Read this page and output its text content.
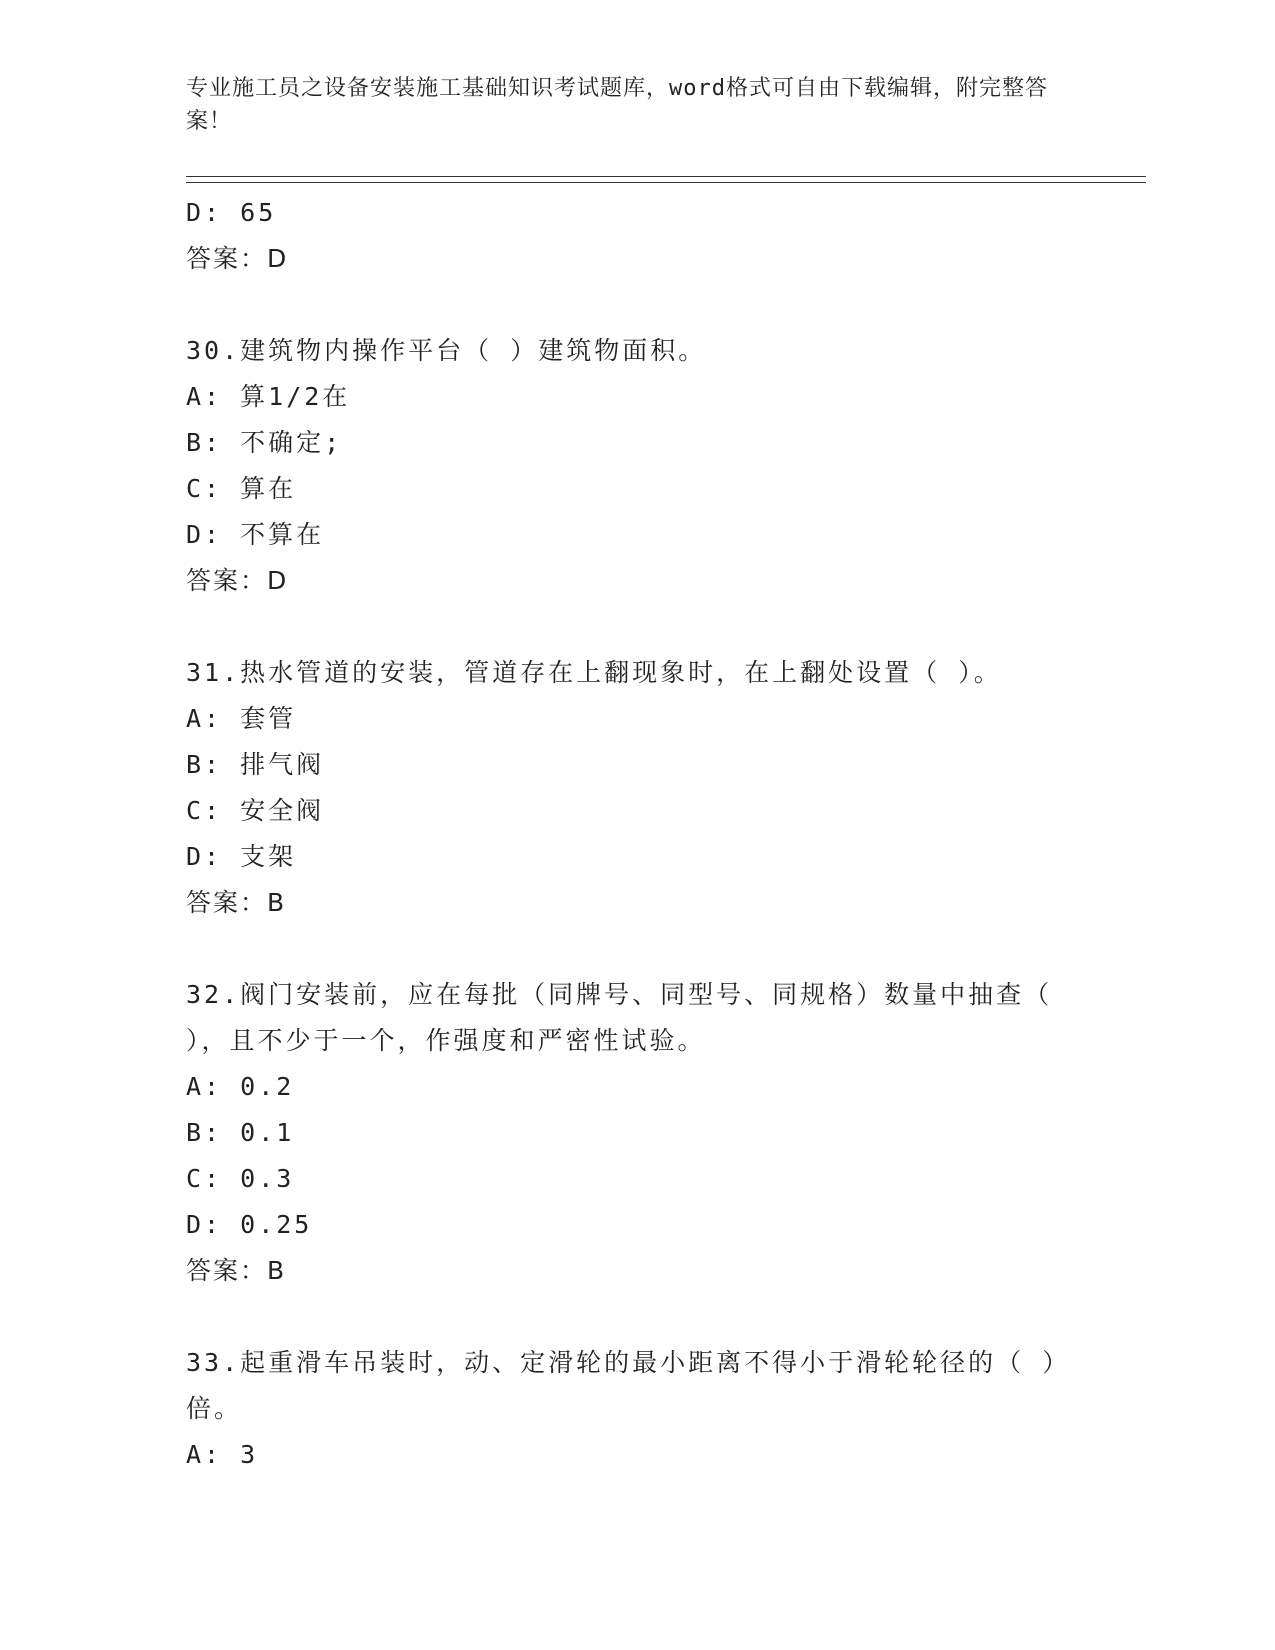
专业施工员之设备安装施工基础知识考试题库，word格式可自由下载编辑，附完整答案！
D: 65
答案：D
30.建筑物内操作平台（ ）建筑物面积。
A: 算1/2在
B: 不确定;
C: 算在
D: 不算在
答案：D
31.热水管道的安装，管道存在上翻现象时，在上翻处设置（ ）。
A: 套管
B: 排气阀
C: 安全阀
D: 支架
答案：B
32.阀门安装前，应在每批（同牌号、同型号、同规格）数量中抽查（ ），且不少于一个，作强度和严密性试验。
A: 0.2
B: 0.1
C: 0.3
D: 0.25
答案：B
33.起重滑车吊装时，动、定滑轮的最小距离不得小于滑轮轮径的（ ）倍。
A: 3
